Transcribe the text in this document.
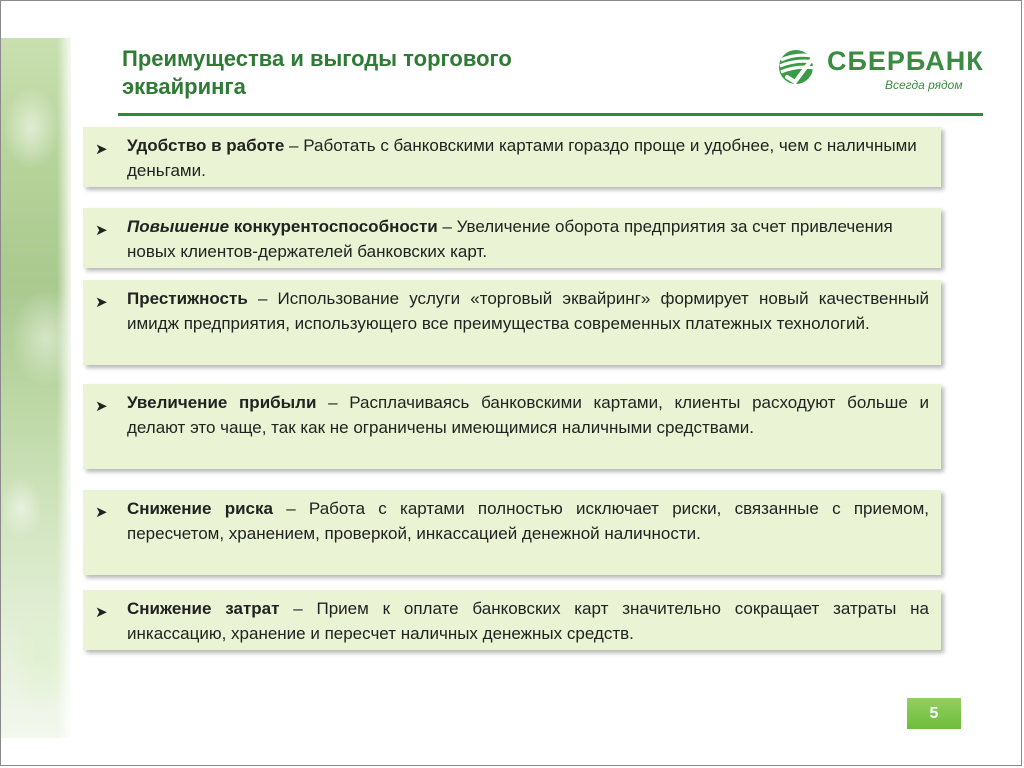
Преимущества и выгоды торгового
эквайринга
СБЕРБАНК
Всегда рядом
➤ Удобство в работе – Работать с банковскими картами гораздо проще и удобнее, чем с наличными деньгами.
➤ Повышение конкурентоспособности – Увеличение оборота предприятия за счет привлечения новых клиентов-держателей банковских карт.
➤ Престижность – Использование услуги «торговый эквайринг» формирует новый качественный имидж предприятия, использующего все преимущества современных платежных технологий.
➤ Увеличение прибыли – Расплачиваясь банковскими картами, клиенты расходуют больше и делают это чаще, так как не ограничены имеющимися наличными средствами.
➤ Снижение риска – Работа с картами полностью исключает риски, связанные с приемом, пересчетом, хранением, проверкой, инкассацией денежной наличности.
➤ Снижение затрат – Прием к оплате банковских карт значительно сокращает затраты на инкассацию, хранение и пересчет наличных денежных средств.
5
